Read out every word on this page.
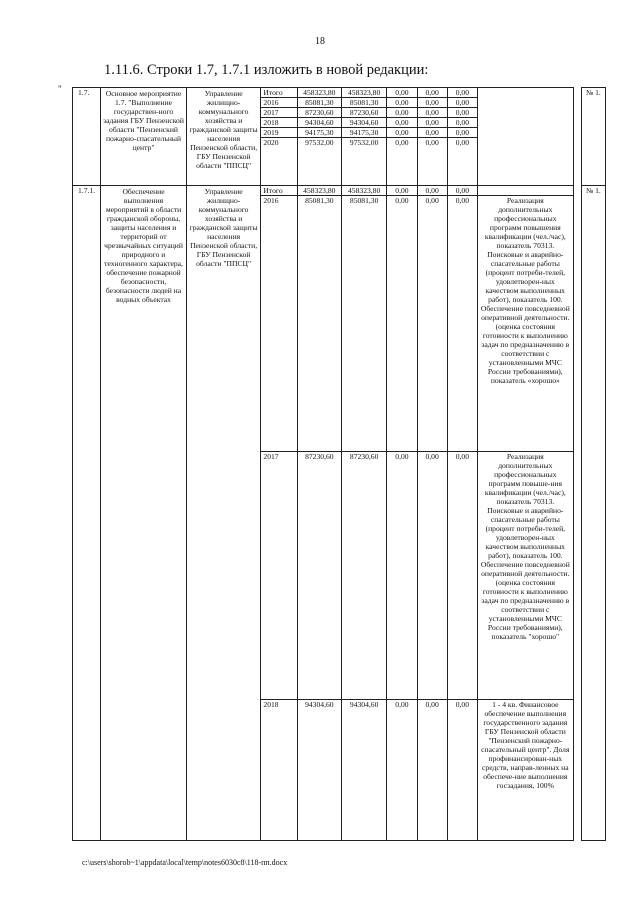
18
1.11.6. Строки 1.7, 1.7.1 изложить в новой редакции:
" 1.7.	Основное мероприятие 1.7. "Выполнение государствен-ного задания ГБУ Пензенской области "Пензенский пожарно-спасательный центр"	Управление жилищно-коммунального хозяйства и гражданской защиты населения Пензенской области, ГБУ Пензенской области "ППСЦ"	Итого	458323,80	458323,80	0,00	0,00	0,00			№ 1.
			2016	85081,30	85081,30	0,00	0,00	0,00			
			2017	87230,60	87230,60	0,00	0,00	0,00			
			2018	94304,60	94304,60	0,00	0,00	0,00			
			2019	94175,30	94175,30	0,00	0,00	0,00			
			2020	97532,00	97532,00	0,00	0,00	0,00			
1.7.1.	Обеспечение выполнения мероприятий в области гражданской обороны, защиты населения и территорий от чрезвычайных ситуаций природного и техногенного характера, обеспечение пожарной безопасности, безопасности людей на водных объектах	Управление жилищно-коммунального хозяйства и гражданской защиты населения Пензенской области, ГБУ Пензенской области "ППСЦ"	Итого	458323,80	458323,80	0,00	0,00	0,00			№ 1.
			2016	85081,30	85081,30	0,00	0,00	0,00	Реализация дополнительных профессиональных программ повышения квалификации (чел./час), показатель 70313. Поисковые и аварийно-спасательные работы (процент потреби-телей, удовлетворен-ных качеством выполненных работ), показатель 100. Обеспечение повседневной оперативной деятельности. (оценка состояния готовности к выполнению задач по предназначению в соответствии с установленными МЧС России требованиями), показатель «хорошо»		

			2017	87230,60	87230,60	0,00	0,00	0,00	Реализация дополнительных профессиональных программ повыше-ния квалификации (чел./час), показатель 70313. Поисковые и аварийно-спасательные работы (процент потреби-телей, удовлетворен-ных качеством выполненных работ), показатель 100. Обеспечение повседневной оперативной деятельности. (оценка состояния готовности к выполнению задач по предназначению в соответствии с установленными МЧС России требованиями), показатель "хорошо"		

			2018	94304,60	94304,60	0,00	0,00	0,00	1 - 4 кв. Финансовое обеспечение выполнения государственного задания ГБУ Пензенской области "Пензенский пожарно-спасательный центр". Доля профинансирован-ных средств, направ-ленных на обеспече-ние выполнения госзадания, 100%		
c:\users\shorob~1\appdata\local\temp\notes6030c8\118-пп.docx
